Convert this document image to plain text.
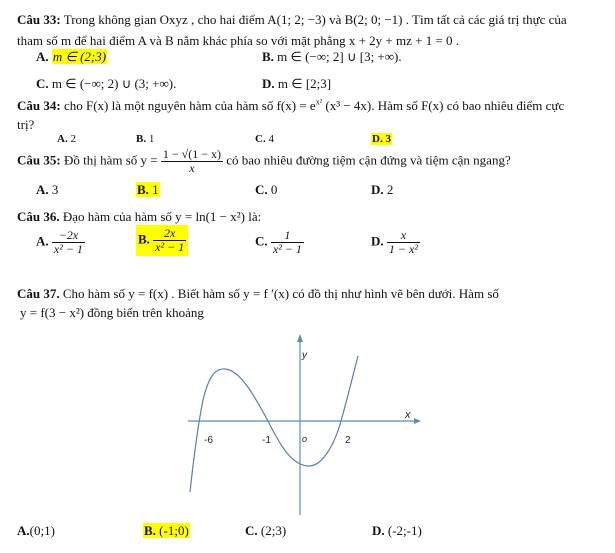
Câu 33: Trong không gian Oxyz , cho hai điểm A(1; 2; −3) và B(2; 0; −1) . Tìm tất cả các giá trị thực của
tham số m để hai điểm A và B nằm khác phía so với mặt phẳng x + 2y + mz + 1 = 0 .
A. m ∈ (2;3)	B. m ∈ (−∞; 2] ∪ [3; +∞).
C. m ∈ (−∞; 2) ∪ (3; +∞).	D. m ∈ [2;3]
Câu 34: cho F(x) là một nguyên hàm của hàm số $f(x) = e^{x^2}$ (x³ − 4x). Hàm số F(x) có bao nhiêu điểm cực
trị?
A. 2	B. 1	C. 4	D. 3
Câu 35: Đồ thị hàm số $y = \frac{1 - √(1 - x)}{x}$ có bao nhiêu đường tiệm cận đứng và tiệm cận ngang?
A. 3	B. 1	C. 0	D. 2
Câu 36. Đạo hàm của hàm số y = ln(1 − x²) là:
A. $\frac{-2x}{\text{x² − 1}}$	B. $\frac{2x}{\text{x² − 1}}$	C. $\frac{1}{\text{x² − 1}}$	D. $\frac{x}{\text{1 − x²}}$
Câu 37. Cho hàm số y = f(x) . Biết hàm số y = f ′(x) có đồ thị như hình vẽ bên dưới. Hàm số
y = f(3 − x²) đồng biến trên khoảng
y
x
o
-6	-1	2
A.(0;1)	B. (-1;0)	C. (2;3)	D. (-2;-1)
